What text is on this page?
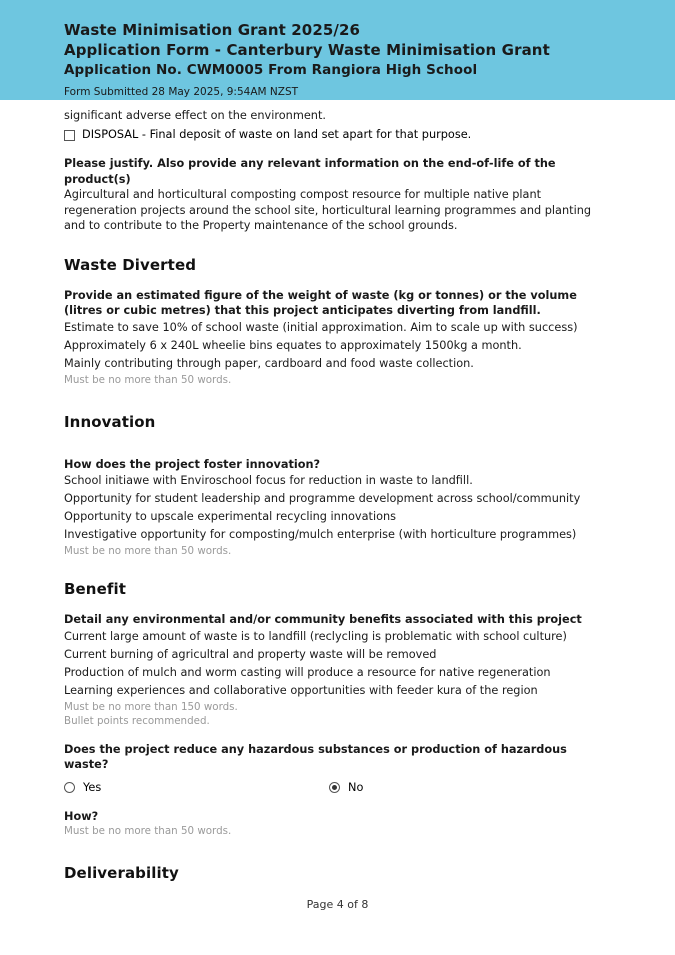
Waste Minimisation Grant 2025/26
Application Form - Canterbury Waste Minimisation Grant
Application No. CWM0005 From Rangiora High School
Form Submitted 28 May 2025, 9:54AM NZST
significant adverse effect on the environment.
DISPOSAL - Final deposit of waste on land set apart for that purpose.
Please justify. Also provide any relevant information on the end-of-life of the product(s)
Agircultural and horticultural composting compost resource for multiple native plant regeneration projects around the school site, horticultural learning programmes and planting and to contribute to the Property maintenance of the school grounds.
Waste Diverted
Provide an estimated figure of the weight of waste (kg or tonnes) or the volume (litres or cubic metres) that this project anticipates diverting from landfill.
Estimate to save 10% of school waste (initial approximation. Aim to scale up with success)
Approximately 6 x 240L wheelie bins equates to approximately 1500kg a month.
Mainly contributing through paper, cardboard and food waste collection.
Must be no more than 50 words.
Innovation
How does the project foster innovation?
School initiawe with Enviroschool focus for reduction in waste to landfill.
Opportunity for student leadership and programme development across school/community
Opportunity to upscale experimental recycling innovations
Investigative opportunity for composting/mulch enterprise (with horticulture programmes)
Must be no more than 50 words.
Benefit
Detail any environmental and/or community benefits associated with this project
Current large amount of waste is to landfill (reclycling is problematic with school culture)
Current burning of agricultral and property waste will be removed
Production of mulch and worm casting will produce a resource for native regeneration
Learning experiences and collaborative opportunities with feeder kura of the region
Must be no more than 150 words.
Bullet points recommended.
Does the project reduce any hazardous substances or production of hazardous waste?
Yes	No
How?
Must be no more than 50 words.
Deliverability
Page 4 of 8
